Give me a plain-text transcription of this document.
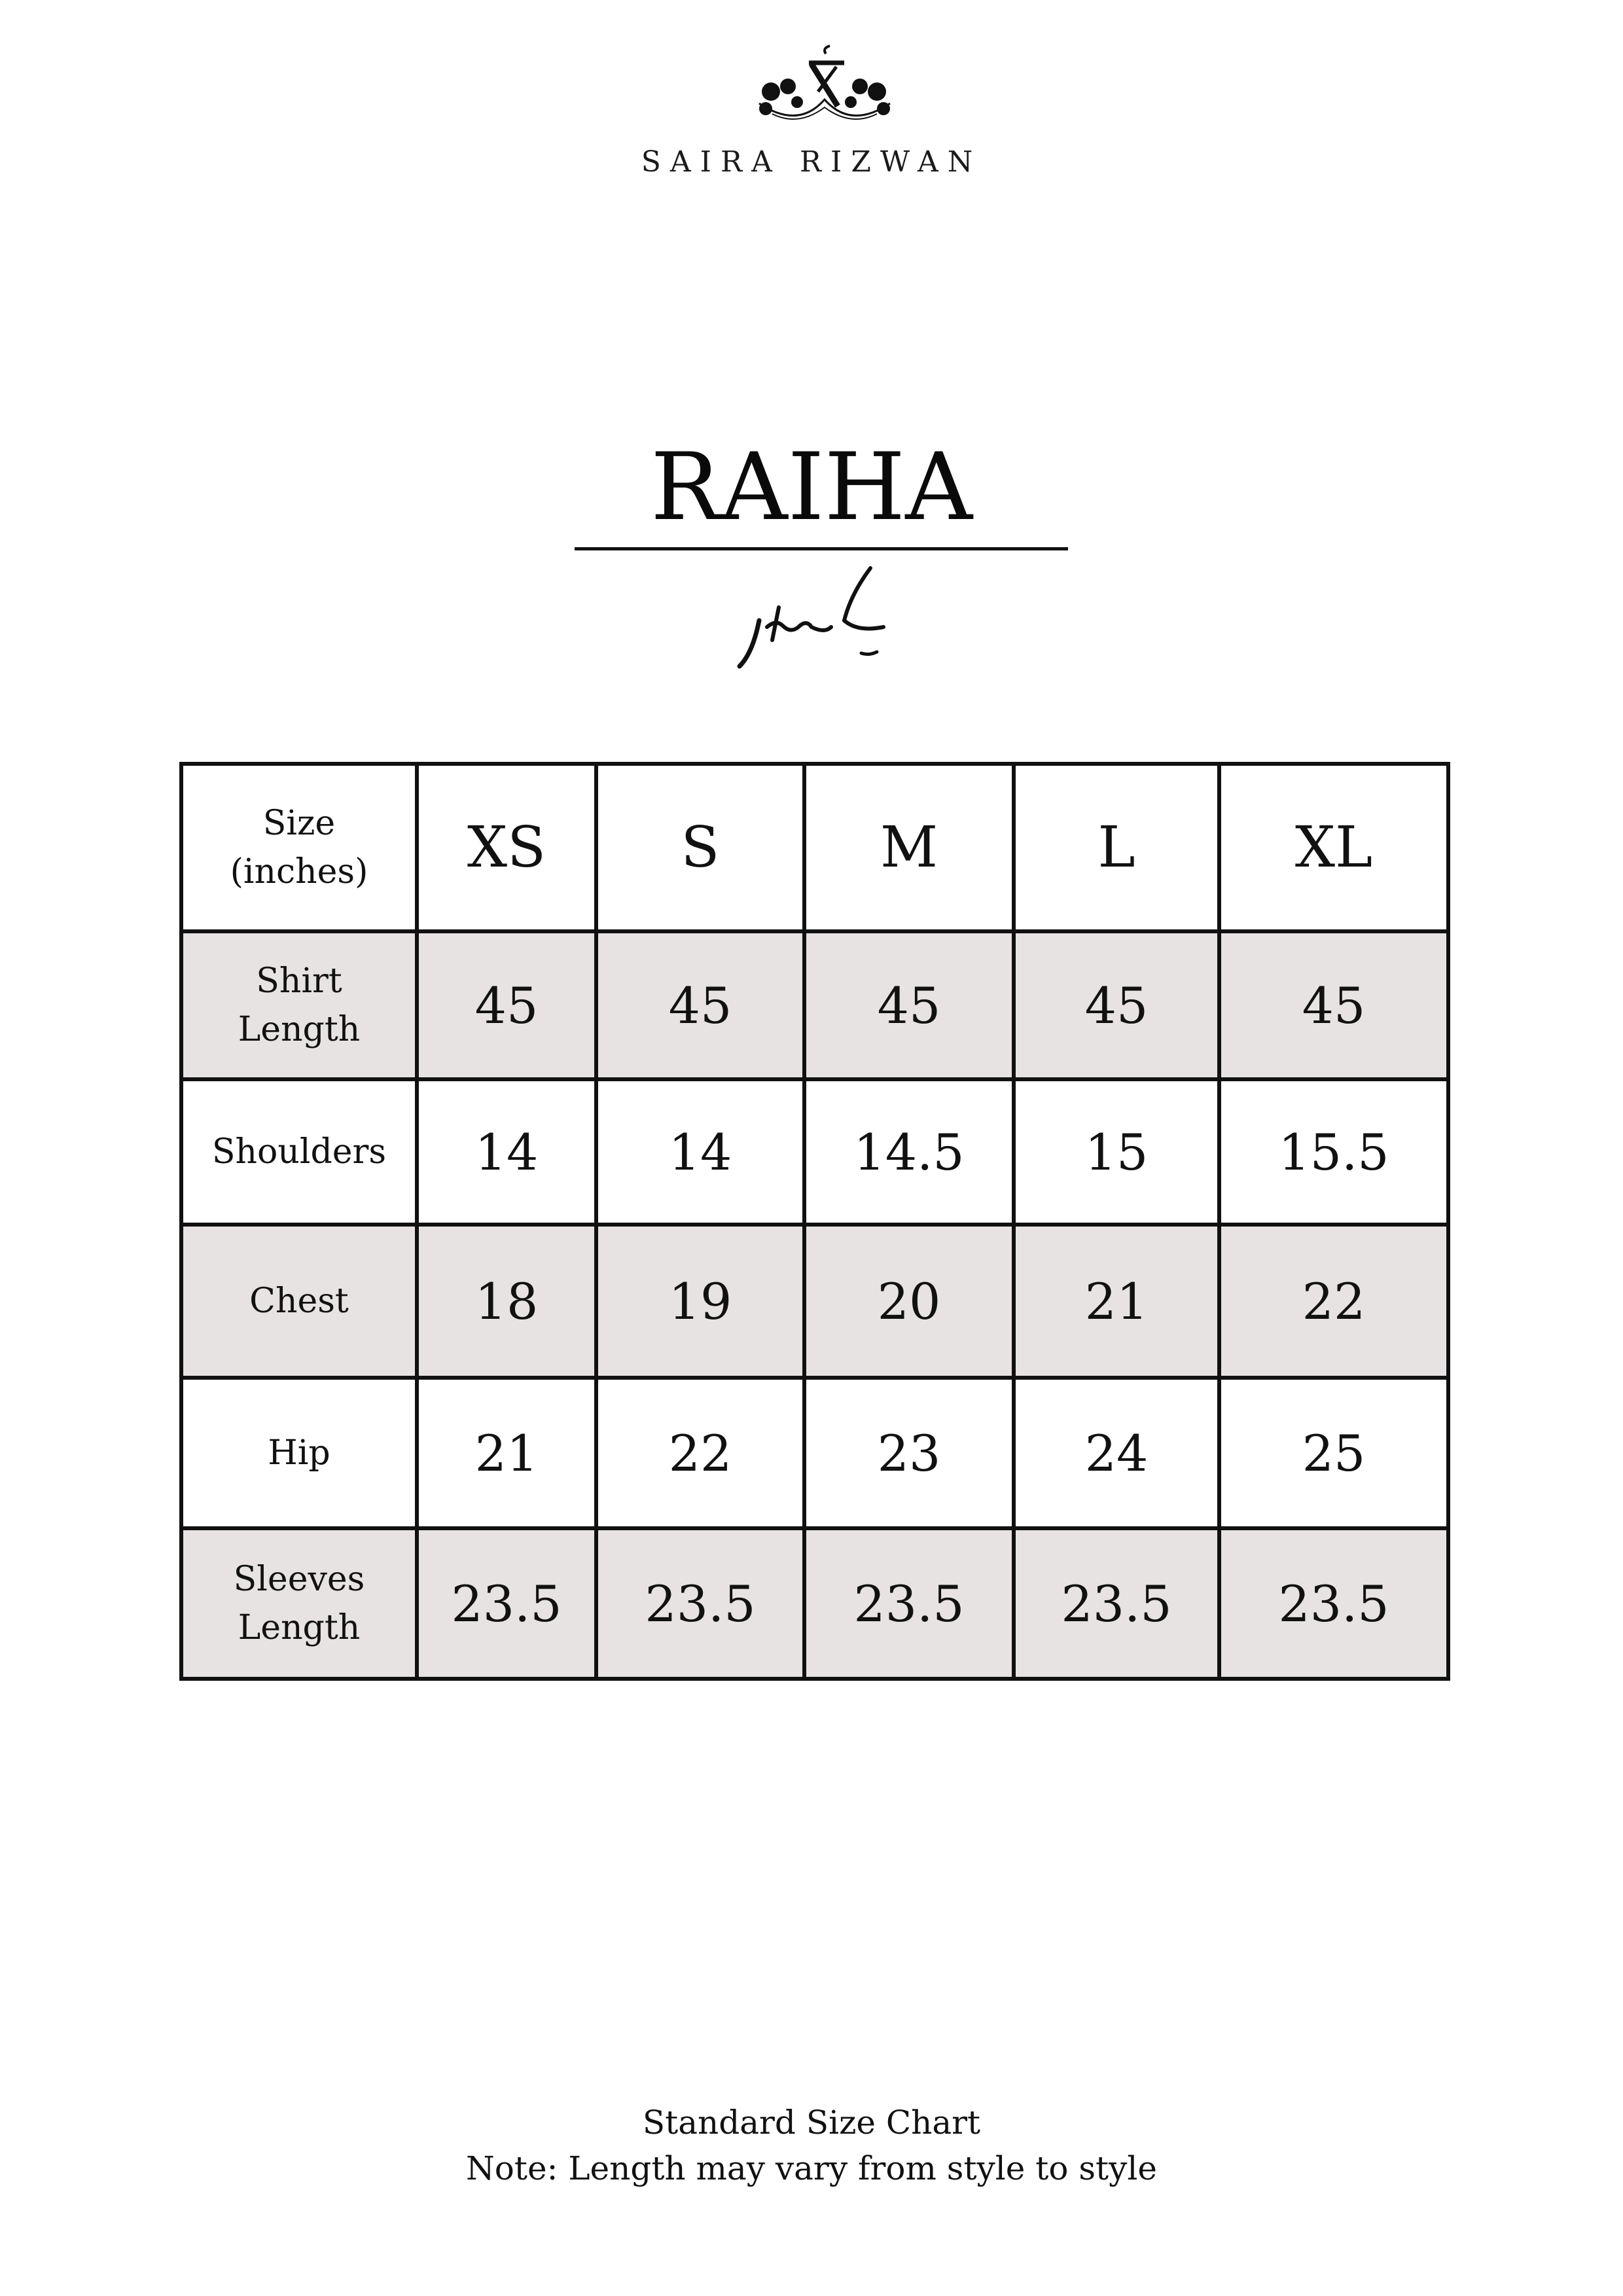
SAIRA RIZWAN
RAIHA
Size
(inches)	XS	S	M	L	XL

Shirt
Length	45	45	45	45	45

Shoulders	14	14	14.5	15	15.5

Chest	18	19	20	21	22

Hip	21	22	23	24	25

Sleeves
Length	23.5	23.5	23.5	23.5	23.5
Standard Size Chart
Note: Length may vary from style to style
